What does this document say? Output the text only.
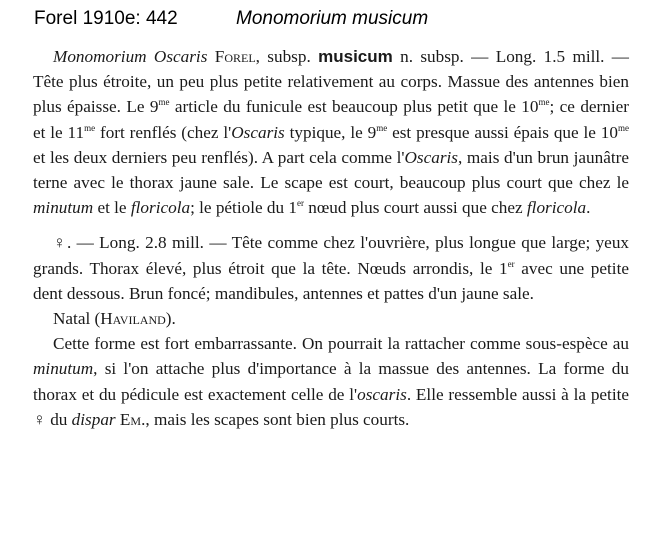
Forel 1910e: 442	Monomorium musicum

Monomorium Oscaris Forel, subsp. musicum n. subsp. — Long. 1.5 mill. — Tête plus étroite, un peu plus petite relativement au corps. Massue des antennes bien plus épaisse. Le $9^{me}$ article du funicule est beaucoup plus petit que le $10^{me}$; ce dernier et le $11^{me}$ fort renflés (chez l'Oscaris typique, le $9^{me}$ est presque aussi épais que le $10^{me}$ et les deux derniers peu renflés). A part cela comme l'Oscaris, mais d'un brun jaunâtre terne avec le thorax jaune sale. Le scape est court, beaucoup plus court que chez le minutum et le floricola; le pétiole du 1er nœud plus court aussi que chez floricola.

♀. — Long. 2.8 mill. — Tête comme chez l'ouvrière, plus longue que large; yeux grands. Thorax élevé, plus étroit que la tête. Nœuds arrondis, le 1er avec une petite dent dessous. Brun foncé; mandibules, antennes et pattes d'un jaune sale.

Natal (Haviland).

Cette forme est fort embarrassante. On pourrait la rattacher comme sous-espèce au minutum, si l'on attache plus d'importance à la massue des antennes. La forme du thorax et du pédicule est exactement celle de l'oscaris. Elle ressemble aussi à la petite ♀ du dispar Em., mais les scapes sont bien plus courts.
